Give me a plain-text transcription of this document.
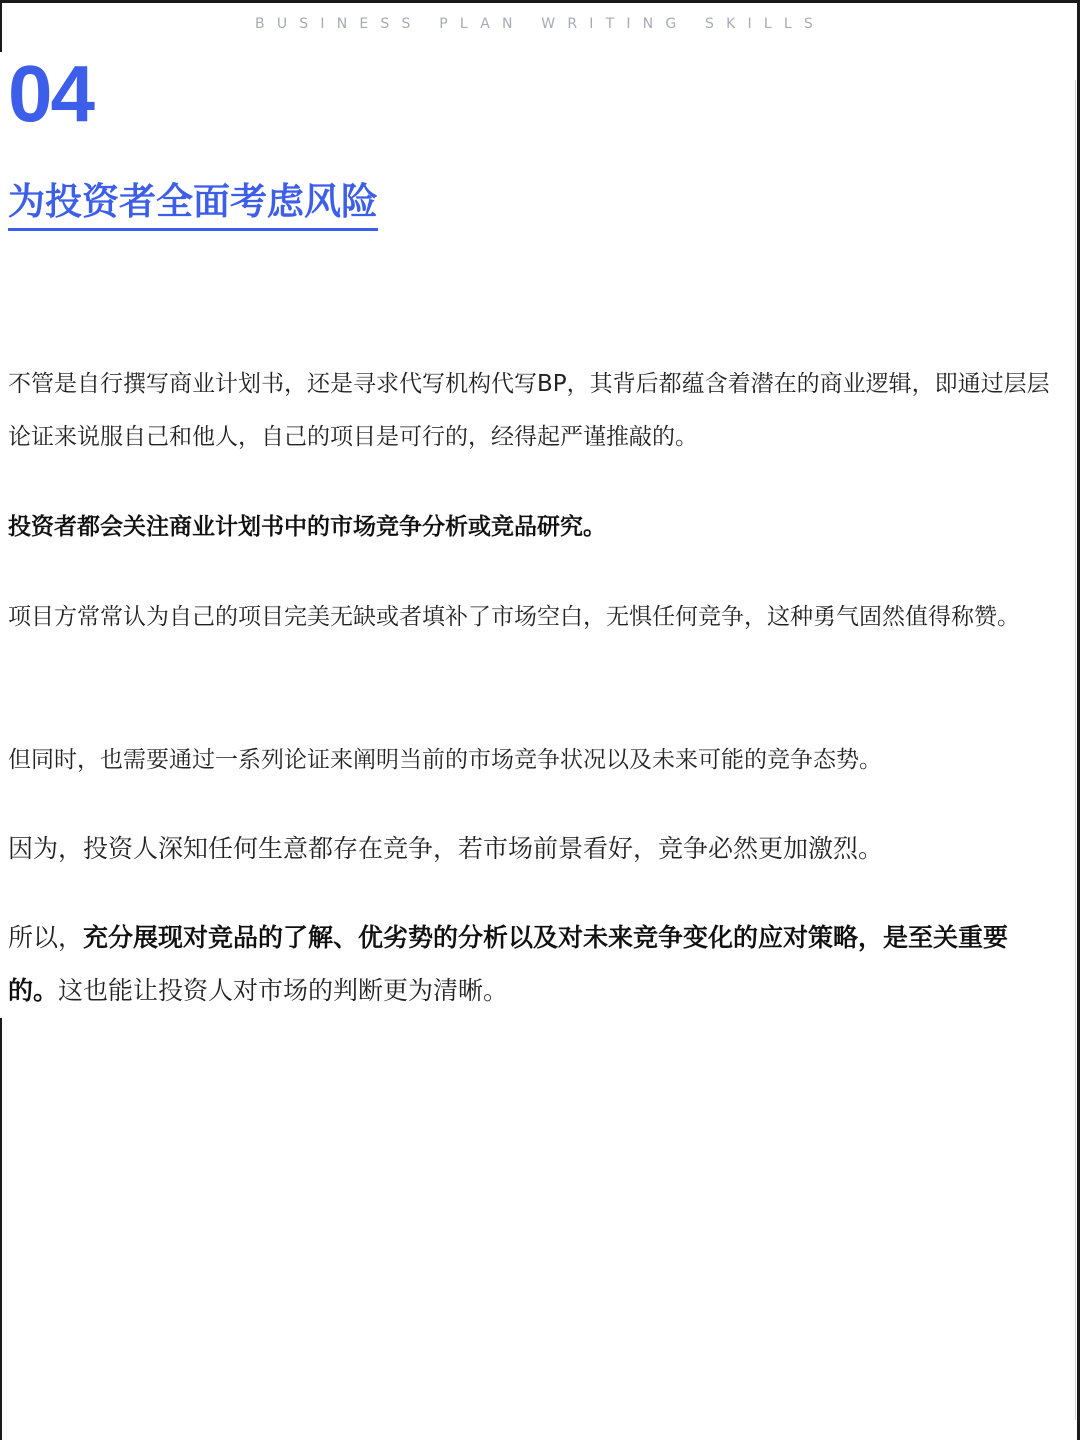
BUSINESS PLAN WRITING SKILLS
04
为投资者全面考虑风险

不管是自行撰写商业计划书，还是寻求代写机构代写BP，其背后都蕴含着潜在的商业逻辑，即通过层层论证来说服自己和他人，自己的项目是可行的，经得起严谨推敲的。

投资者都会关注商业计划书中的市场竞争分析或竞品研究。

项目方常常认为自己的项目完美无缺或者填补了市场空白，无惧任何竞争，这种勇气固然值得称赞。

但同时，也需要通过一系列论证来阐明当前的市场竞争状况以及未来可能的竞争态势。

因为，投资人深知任何生意都存在竞争，若市场前景看好，竞争必然更加激烈。

所以，充分展现对竞品的了解、优劣势的分析以及对未来竞争变化的应对策略，是至关重要的。这也能让投资人对市场的判断更为清晰。
